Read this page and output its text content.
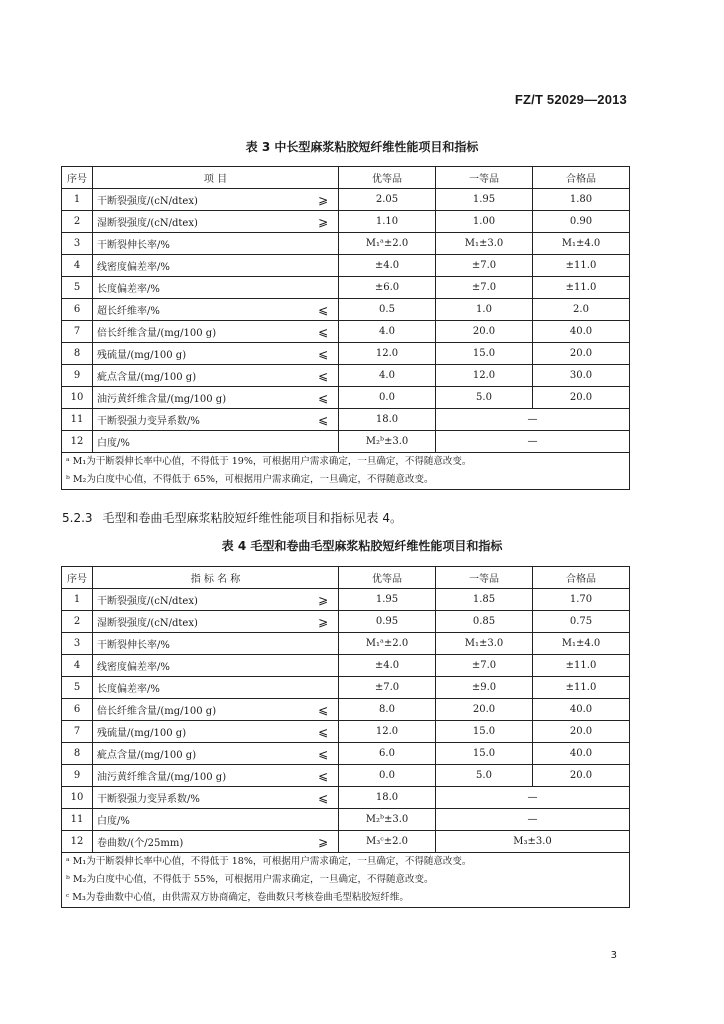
FZ/T 52029—2013
表 3 中长型麻浆粘胶短纤维性能项目和指标
序号	项 目	优等品	一等品	合格品
1	干断裂强度/(cN/dtex) ⩾	2.05	1.95	1.80
2	湿断裂强度/(cN/dtex) ⩾	1.10	1.00	0.90
3	干断裂伸长率/%	M₁ᵃ±2.0	M₁±3.0	M₁±4.0
4	线密度偏差率/%	±4.0	±7.0	±11.0
5	长度偏差率/%	±6.0	±7.0	±11.0
6	超长纤维率/% ⩽	0.5	1.0	2.0
7	倍长纤维含量/(mg/100 g) ⩽	4.0	20.0	40.0
8	残硫量/(mg/100 g) ⩽	12.0	15.0	20.0
9	疵点含量/(mg/100 g) ⩽	4.0	12.0	30.0
10	油污黄纤维含量/(mg/100 g) ⩽	0.0	5.0	20.0
11	干断裂强力变异系数/% ⩽	18.0	—	
12	白度/%	M₂ᵇ±3.0	—	

ᵃ M₁为干断裂伸长率中心值，不得低于 19%，可根据用户需求确定，一旦确定，不得随意改变。
ᵇ M₂为白度中心值，不得低于 65%，可根据用户需求确定，一旦确定，不得随意改变。				
5.2.3 毛型和卷曲毛型麻浆粘胶短纤维性能项目和指标见表 4。
表 4 毛型和卷曲毛型麻浆粘胶短纤维性能项目和指标
序号	指 标 名 称	优等品	一等品	合格品
1	干断裂强度/(cN/dtex) ⩾	1.95	1.85	1.70
2	湿断裂强度/(cN/dtex) ⩾	0.95	0.85	0.75
3	干断裂伸长率/%	M₁ᵃ±2.0	M₁±3.0	M₁±4.0
4	线密度偏差率/%	±4.0	±7.0	±11.0
5	长度偏差率/%	±7.0	±9.0	±11.0
6	倍长纤维含量/(mg/100 g) ⩽	8.0	20.0	40.0
7	残硫量/(mg/100 g) ⩽	12.0	15.0	20.0
8	疵点含量/(mg/100 g) ⩽	6.0	15.0	40.0
9	油污黄纤维含量/(mg/100 g) ⩽	0.0	5.0	20.0
10	干断裂强力变异系数/% ⩽	18.0	—	
11	白度/%	M₂ᵇ±3.0	—	
12	卷曲数/(个/25mm) ⩾	M₃ᶜ±2.0	M₃±3.0	

ᵃ M₁为干断裂伸长率中心值，不得低于 18%，可根据用户需求确定，一旦确定，不得随意改变。
ᵇ M₂为白度中心值，不得低于 55%，可根据用户需求确定，一旦确定，不得随意改变。
ᶜ M₃为卷曲数中心值，由供需双方协商确定，卷曲数只考核卷曲毛型粘胶短纤维。				
3
